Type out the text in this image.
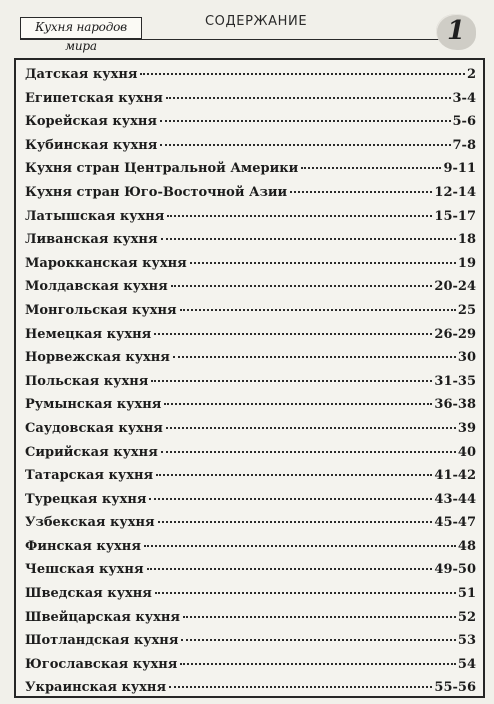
Кухня народов мира
СОДЕРЖАНИЕ	1
Датская кухня	2
Египетская кухня	3-4
Корейская кухня	5-6
Кубинская кухня	7-8
Кухня стран Центральной Америки	9-11
Кухня стран Юго-Восточной Азии	12-14
Латышская кухня	15-17
Ливанская кухня	18
Марокканская кухня	19
Молдавская кухня	20-24
Монгольская кухня	25
Немецкая кухня	26-29
Норвежская кухня	30
Польская кухня	31-35
Румынская кухня	36-38
Саудовская кухня	39
Сирийская кухня	40
Татарская кухня	41-42
Турецкая кухня	43-44
Узбекская кухня	45-47
Финская кухня	48
Чешская кухня	49-50
Шведская кухня	51
Швейцарская кухня	52
Шотландская кухня	53
Югославская кухня	54
Украинская кухня	55-56
